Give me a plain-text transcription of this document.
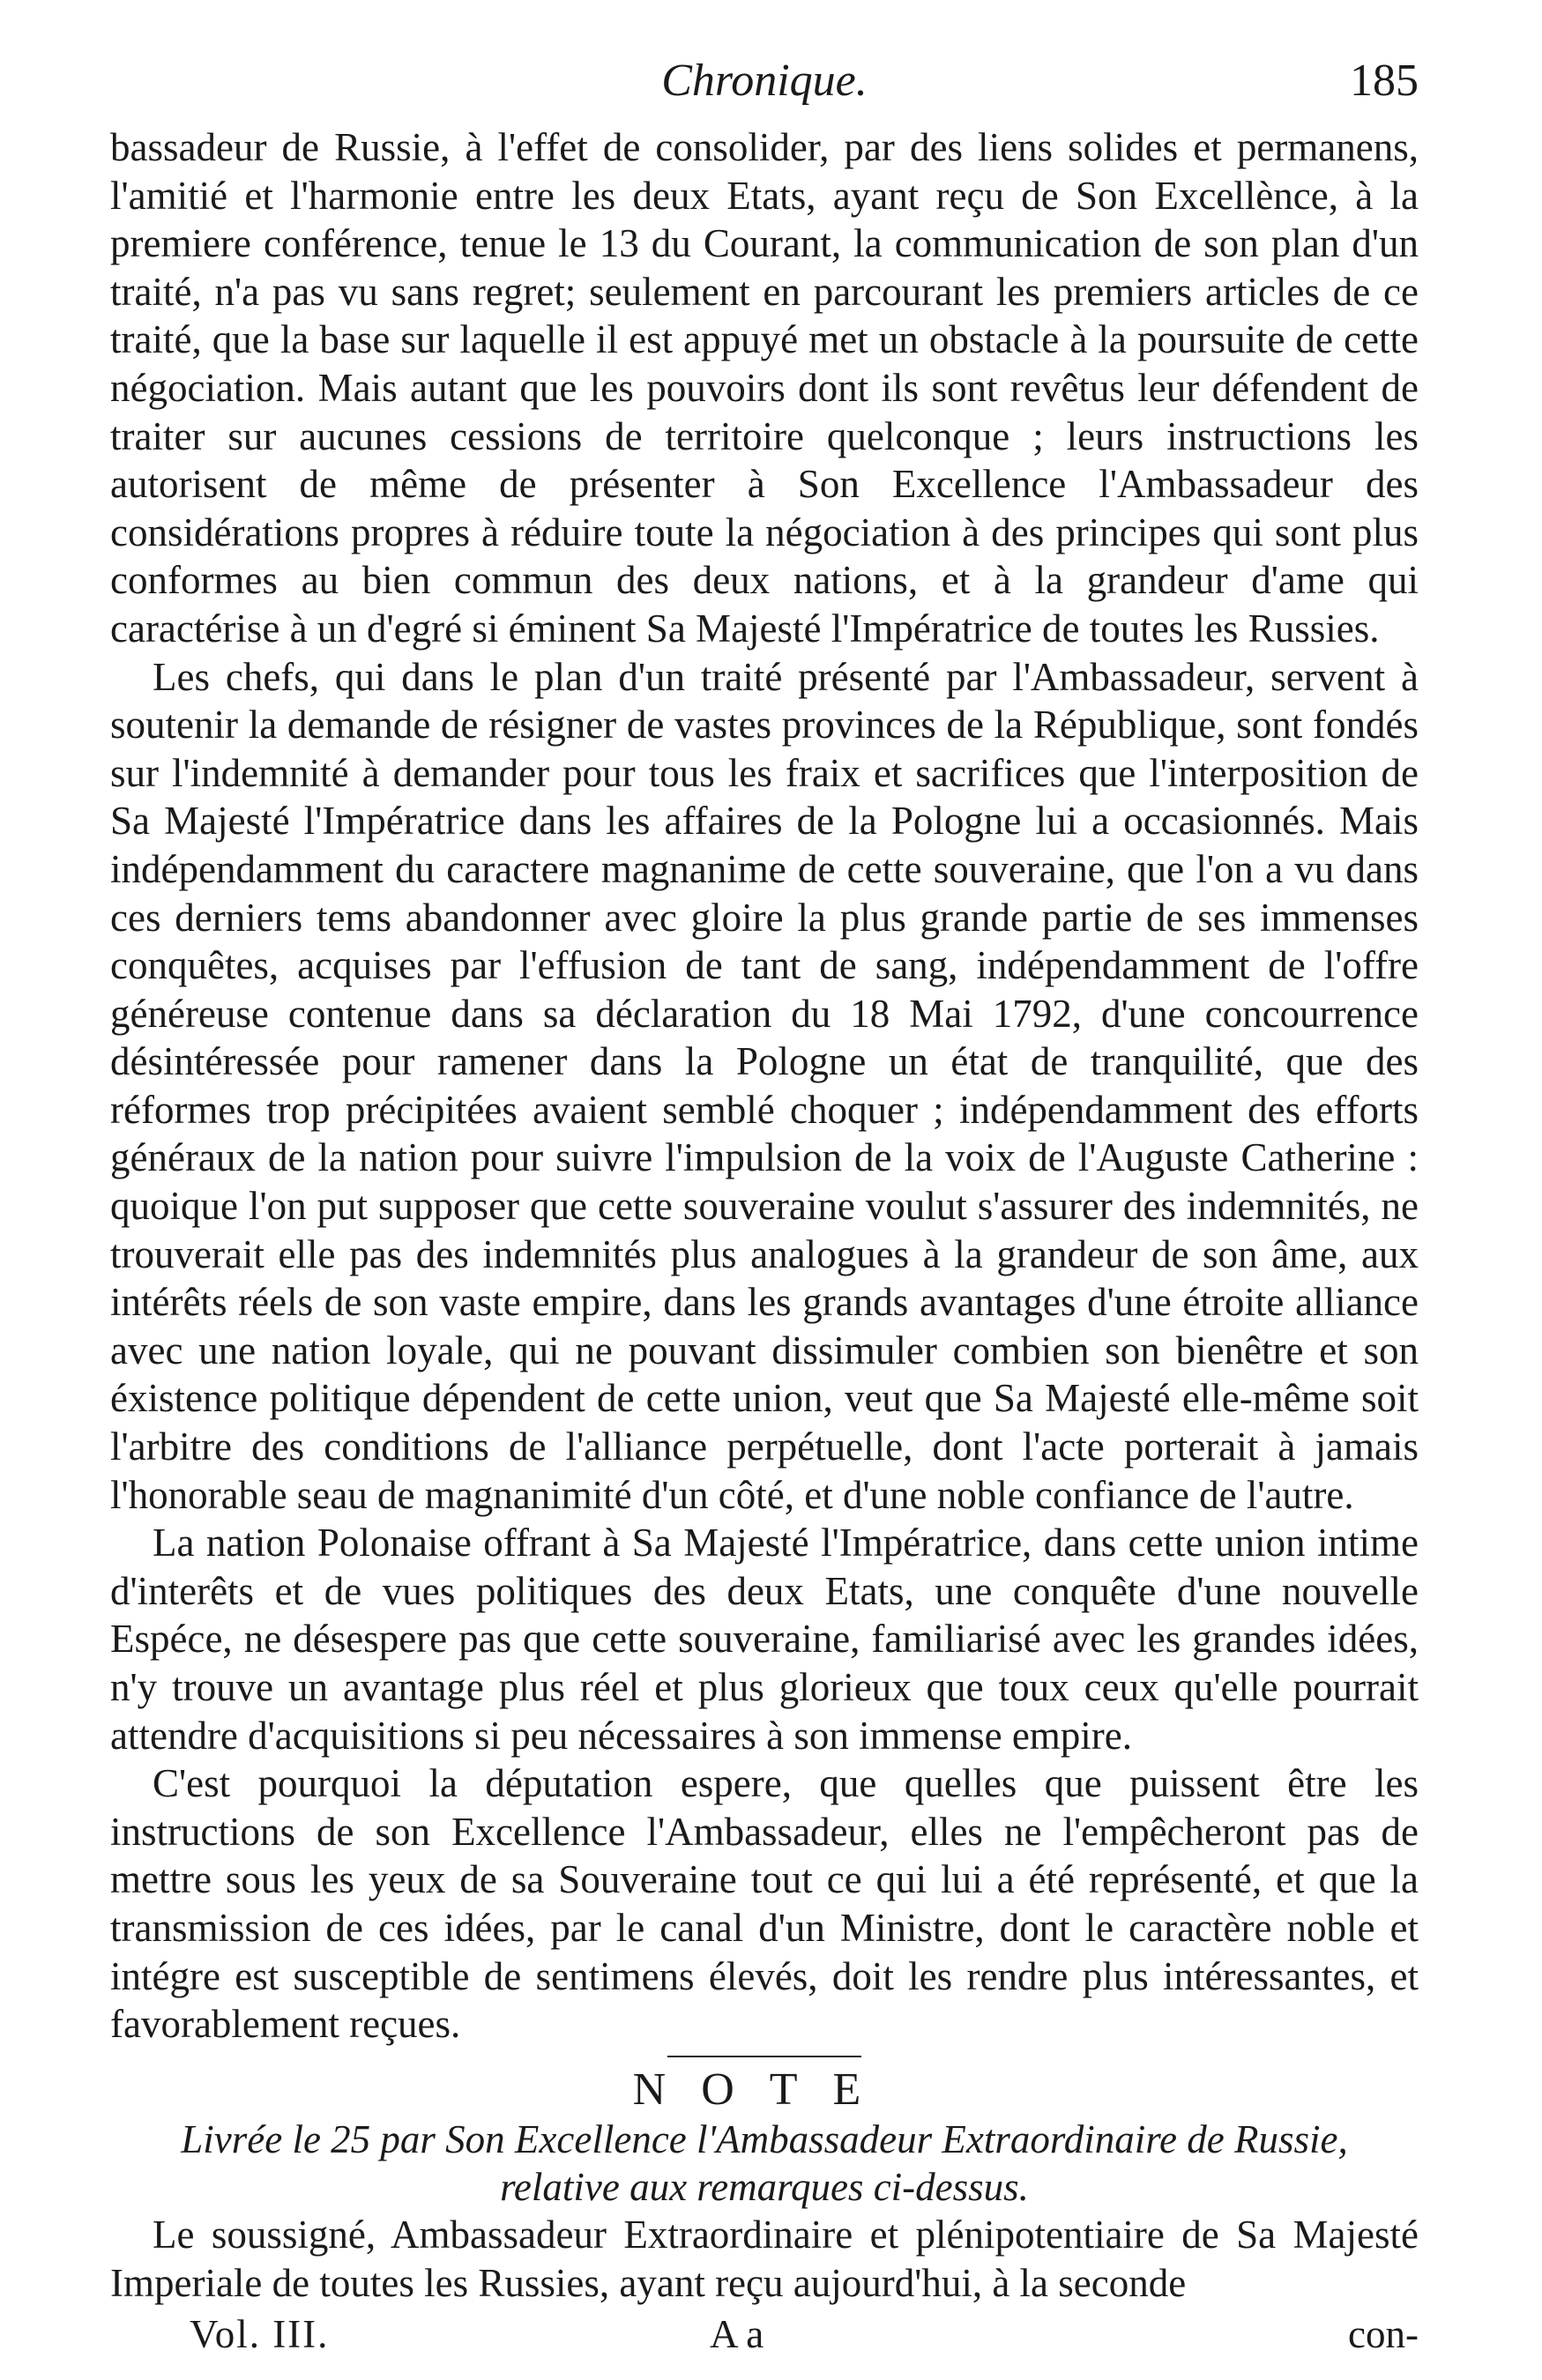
Chronique.	185

bassadeur de Russie, à l'effet de consolider, par des liens solides et permanens, l'amitié et l'harmonie entre les deux Etats, ayant reçu de Son Excellènce, à la premiere conférence, tenue le 13 du Courant, la communication de son plan d'un traité, n'a pas vu sans regret; seulement en parcourant les premiers articles de ce traité, que la base sur laquelle il est appuyé met un obstacle à la poursuite de cette négociation. Mais autant que les pouvoirs dont ils sont revêtus leur défendent de traiter sur aucunes cessions de territoire quelconque ; leurs instructions les autorisent de même de présenter à Son Excellence l'Ambassadeur des considérations propres à réduire toute la négociation à des principes qui sont plus conformes au bien commun des deux nations, et à la grandeur d'ame qui caractérise à un d'egré si éminent Sa Majesté l'Impératrice de toutes les Russies.

Les chefs, qui dans le plan d'un traité présenté par l'Ambassadeur, servent à soutenir la demande de résigner de vastes provinces de la République, sont fondés sur l'indemnité à demander pour tous les fraix et sacrifices que l'interposition de Sa Majesté l'Impératrice dans les affaires de la Pologne lui a occasionnés. Mais indépendamment du caractere magnanime de cette souveraine, que l'on a vu dans ces derniers tems abandonner avec gloire la plus grande partie de ses immenses conquêtes, acquises par l'effusion de tant de sang, indépendamment de l'offre généreuse contenue dans sa déclaration du 18 Mai 1792, d'une concourrence désintéressée pour ramener dans la Pologne un état de tranquilité, que des réformes trop précipitées avaient semblé choquer ; indépendamment des efforts généraux de la nation pour suivre l'impulsion de la voix de l'Auguste Catherine : quoique l'on put supposer que cette souveraine voulut s'assurer des indemnités, ne trouverait elle pas des indemnités plus analogues à la grandeur de son âme, aux intérêts réels de son vaste empire, dans les grands avantages d'une étroite alliance avec une nation loyale, qui ne pouvant dissimuler combien son bienêtre et son éxistence politique dépendent de cette union, veut que Sa Majesté elle-même soit l'arbitre des conditions de l'alliance perpétuelle, dont l'acte porterait à jamais l'honorable seau de magnanimité d'un côté, et d'une noble confiance de l'autre.

La nation Polonaise offrant à Sa Majesté l'Impératrice, dans cette union intime d'interêts et de vues politiques des deux Etats, une conquête d'une nouvelle Espéce, ne désespere pas que cette souveraine, familiarisé avec les grandes idées, n'y trouve un avantage plus réel et plus glorieux que toux ceux qu'elle pourrait attendre d'acquisitions si peu nécessaires à son immense empire.

C'est pourquoi la députation espere, que quelles que puissent être les instructions de son Excellence l'Ambassadeur, elles ne l'empêcheront pas de mettre sous les yeux de sa Souveraine tout ce qui lui a été représenté, et que la transmission de ces idées, par le canal d'un Ministre, dont le caractère noble et intégre est susceptible de sentimens élevés, doit les rendre plus intéressantes, et favorablement reçues.

NOTE

Livrée le 25 par Son Excellence l'Ambassadeur Extraordinaire de Russie,

relative aux remarques ci-dessus.

Le soussigné, Ambassadeur Extraordinaire et plénipotentiaire de Sa Majesté Imperiale de toutes les Russies, ayant reçu aujourd'hui, à la seconde

Vol. III.	A a	con-
